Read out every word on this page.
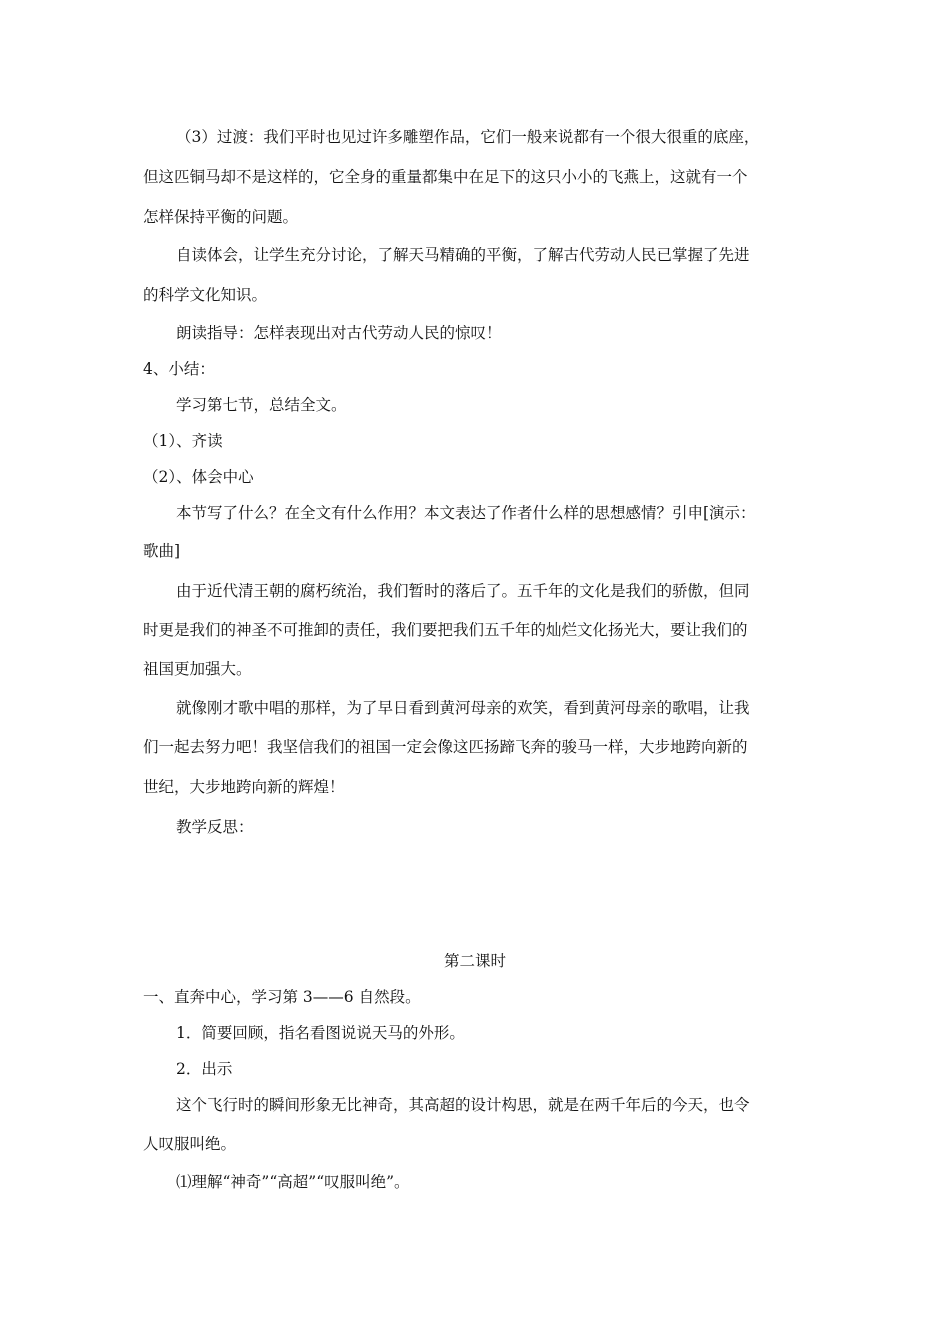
（3）过渡：我们平时也见过许多雕塑作品，它们一般来说都有一个很大很重的底座，
但这匹铜马却不是这样的，它全身的重量都集中在足下的这只小小的飞燕上，这就有一个
怎样保持平衡的问题。
自读体会，让学生充分讨论，了解天马精确的平衡，了解古代劳动人民已掌握了先进
的科学文化知识。
朗读指导：怎样表现出对古代劳动人民的惊叹！
4、小结：
学习第七节，总结全文。
（1）、齐读
（2）、体会中心
本节写了什么？在全文有什么作用？本文表达了作者什么样的思想感情？引申[演示：
歌曲]
由于近代清王朝的腐朽统治，我们暂时的落后了。五千年的文化是我们的骄傲，但同
时更是我们的神圣不可推卸的责任，我们要把我们五千年的灿烂文化扬光大，要让我们的
祖国更加强大。
就像刚才歌中唱的那样，为了早日看到黄河母亲的欢笑，看到黄河母亲的歌唱，让我
们一起去努力吧！我坚信我们的祖国一定会像这匹扬蹄飞奔的骏马一样，大步地跨向新的
世纪，大步地跨向新的辉煌！
教学反思：
第二课时
一、直奔中心，学习第 3——6 自然段。
1．简要回顾，指名看图说说天马的外形。
2．出示
这个飞行时的瞬间形象无比神奇，其高超的设计构思，就是在两千年后的今天，也令
人叹服叫绝。
⑴理解“神奇”“高超”“叹服叫绝”。
